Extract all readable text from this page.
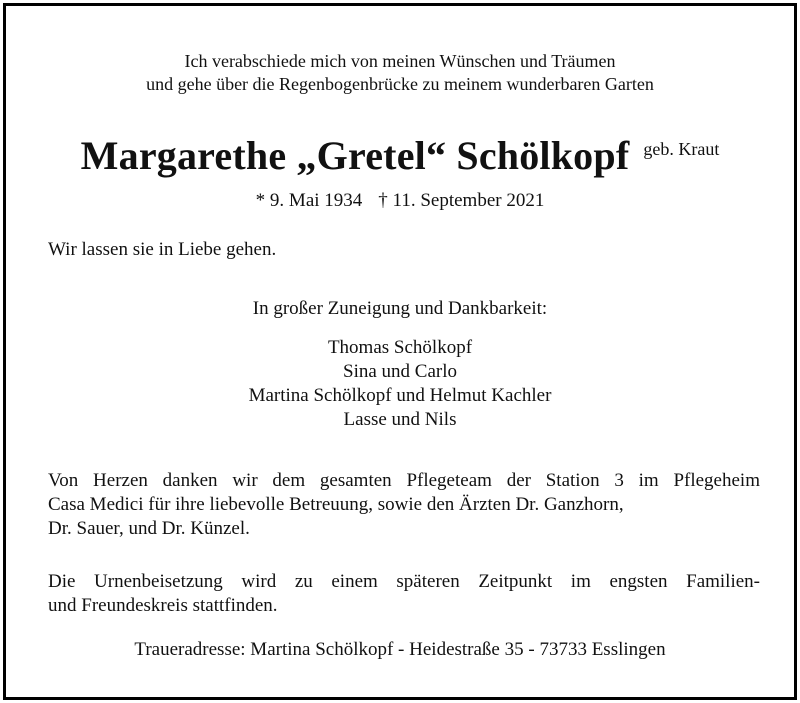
Ich verabschiede mich von meinen Wünschen und Träumen
und gehe über die Regenbogenbrücke zu meinem wunderbaren Garten
Margarethe „Gretel“ Schölkopf geb. Kraut
* 9. Mai 1934 † 11. September 2021
Wir lassen sie in Liebe gehen.
In großer Zuneigung und Dankbarkeit:
Thomas Schölkopf
Sina und Carlo
Martina Schölkopf und Helmut Kachler
Lasse und Nils
Von Herzen danken wir dem gesamten Pflegeteam der Station 3 im Pflegeheim
Casa Medici für ihre liebevolle Betreuung, sowie den Ärzten Dr. Ganzhorn,
Dr. Sauer, und Dr. Künzel.
Die Urnenbeisetzung wird zu einem späteren Zeitpunkt im engsten Familien-
und Freundeskreis stattfinden.
Traueradresse: Martina Schölkopf - Heidestraße 35 - 73733 Esslingen
